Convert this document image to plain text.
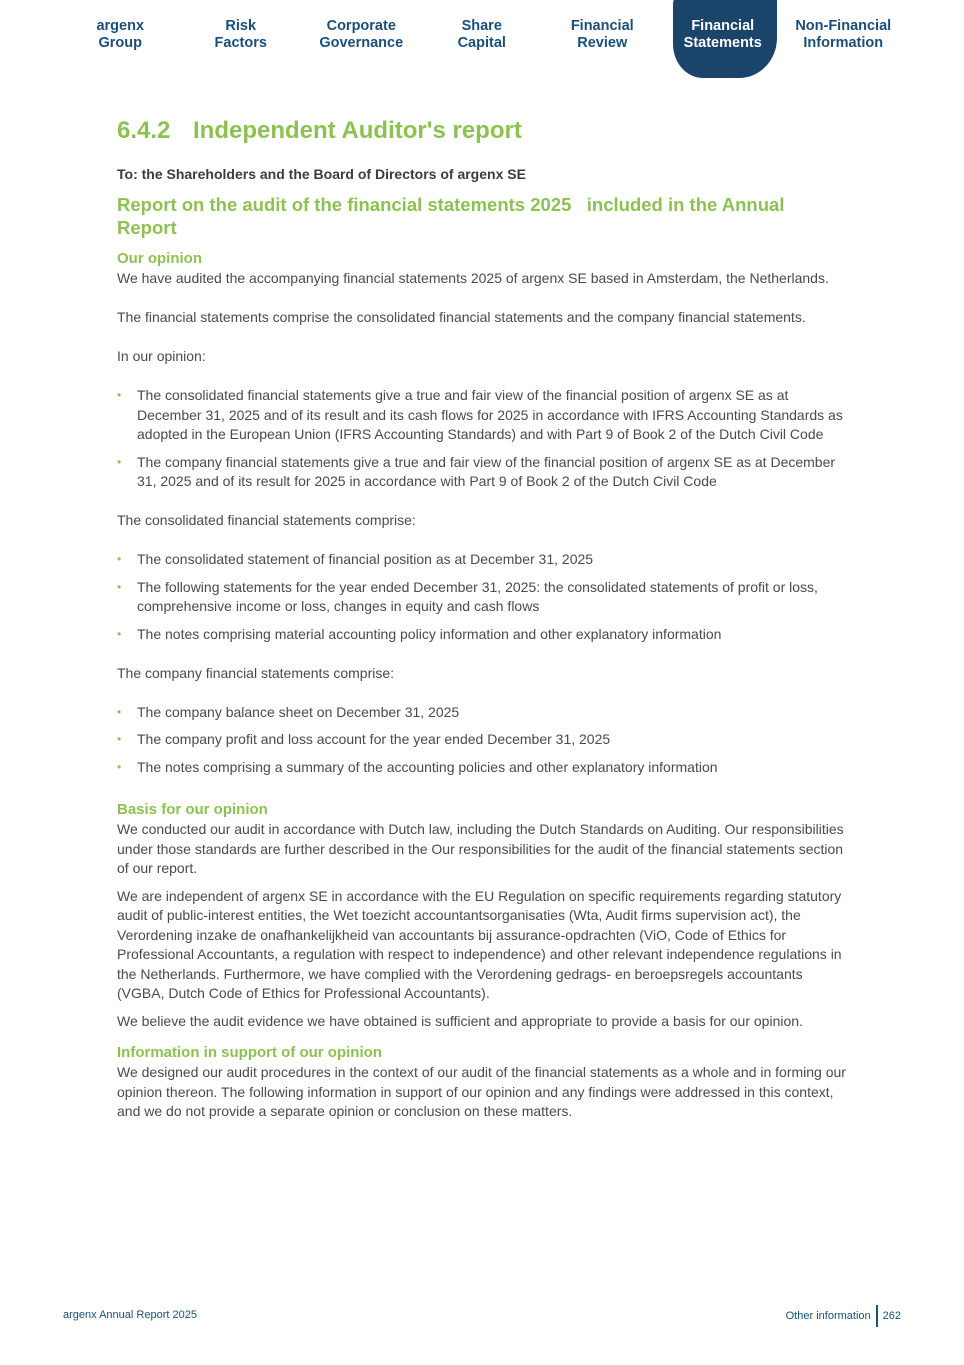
argenx
Group
Risk
Factors
Corporate
Governance
Share
Capital
Financial
Review
Financial
Statements
Non-Financial
Information
6.4.2 Independent Auditor's report

To: the Shareholders and the Board of Directors of argenx SE

Report on the audit of the financial statements 2025   included in the Annual Report
Our opinion

We have audited the accompanying financial statements 2025 of argenx SE based in Amsterdam, the Netherlands.

The financial statements comprise the consolidated financial statements and the company financial statements.

In our opinion:

• The consolidated financial statements give a true and fair view of the financial position of argenx SE as at December 31, 2025 and of its result and its cash flows for 2025 in accordance with IFRS Accounting Standards as adopted in the European Union (IFRS Accounting Standards) and with Part 9 of Book 2 of the Dutch Civil Code
• The company financial statements give a true and fair view of the financial position of argenx SE as at December 31, 2025 and of its result for 2025 in accordance with Part 9 of Book 2 of the Dutch Civil Code

The consolidated financial statements comprise:

• The consolidated statement of financial position as at December 31, 2025
• The following statements for the year ended December 31, 2025: the consolidated statements of profit or loss, comprehensive income or loss, changes in equity and cash flows
• The notes comprising material accounting policy information and other explanatory information

The company financial statements comprise:

• The company balance sheet on December 31, 2025
• The company profit and loss account for the year ended December 31, 2025
• The notes comprising a summary of the accounting policies and other explanatory information
Basis for our opinion

We conducted our audit in accordance with Dutch law, including the Dutch Standards on Auditing. Our responsibilities under those standards are further described in the Our responsibilities for the audit of the financial statements section of our report.

We are independent of argenx SE in accordance with the EU Regulation on specific requirements regarding statutory audit of public-interest entities, the Wet toezicht accountantsorganisaties (Wta, Audit firms supervision act), the Verordening inzake de onafhankelijkheid van accountants bij assurance-opdrachten (ViO, Code of Ethics for Professional Accountants, a regulation with respect to independence) and other relevant independence regulations in the Netherlands. Furthermore, we have complied with the Verordening gedrags- en beroepsregels accountants (VGBA, Dutch Code of Ethics for Professional Accountants).

We believe the audit evidence we have obtained is sufficient and appropriate to provide a basis for our opinion.

Information in support of our opinion

We designed our audit procedures in the context of our audit of the financial statements as a whole and in forming our opinion thereon. The following information in support of our opinion and any findings were addressed in this context, and we do not provide a separate opinion or conclusion on these matters.

argenx Annual Report 2025	Other information 262
